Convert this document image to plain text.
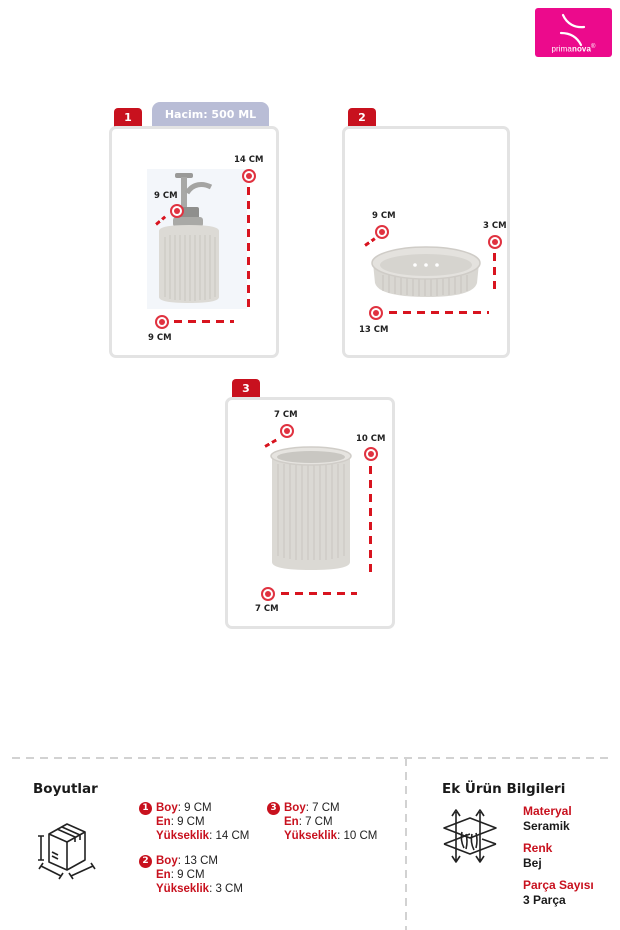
primanova®
1	Hacim: 500 ML
14 CM
9 CM
9 CM
2
9 CM
3 CM
13 CM
3
7 CM
10 CM
7 CM
Boyutlar
1 Boy: 9 CM
En: 9 CM
Yükseklik: 14 CM
2 Boy: 13 CM
En: 9 CM
Yükseklik: 3 CM
3 Boy: 7 CM
En: 7 CM
Yükseklik: 10 CM
Ek Ürün Bilgileri
Materyal
Seramik
Renk
Bej
Parça Sayısı
3 Parça
